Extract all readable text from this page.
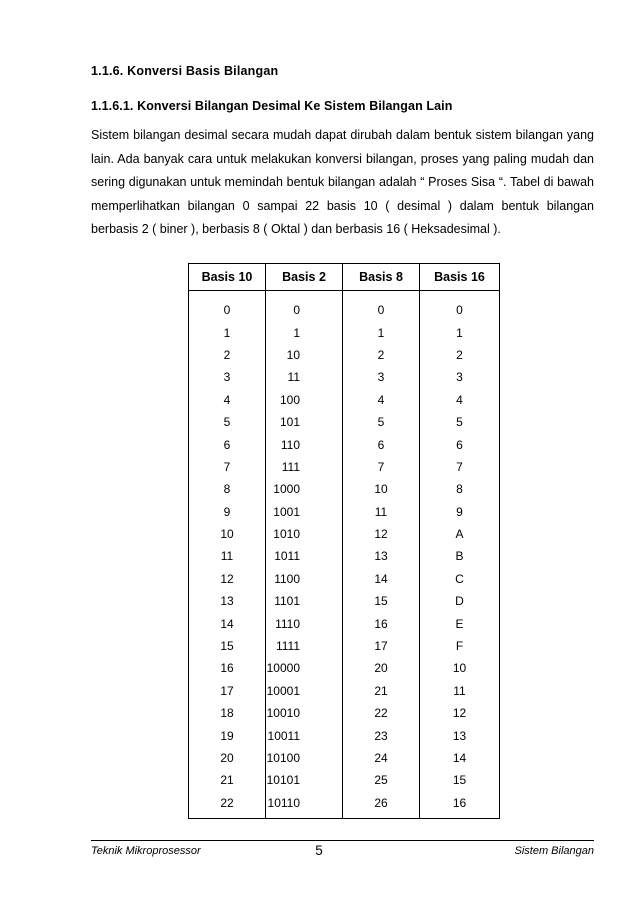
1.1.6. Konversi Basis Bilangan
1.1.6.1. Konversi Bilangan Desimal Ke Sistem Bilangan Lain
Sistem bilangan desimal secara mudah dapat dirubah dalam bentuk sistem bilangan yang lain. Ada banyak cara untuk melakukan konversi bilangan, proses yang paling mudah dan sering digunakan untuk memindah bentuk bilangan adalah “ Proses Sisa “. Tabel di bawah memperlihatkan bilangan 0 sampai 22 basis 10 ( desimal ) dalam bentuk bilangan berbasis 2 ( biner ), berbasis 8 ( Oktal ) dan berbasis 16 ( Heksadesimal ).
Basis 10	Basis 2	Basis 8	Basis 16
0	0	0	0
1	1	1	1
2	10	2	2
3	11	3	3
4	100	4	4
5	101	5	5
6	110	6	6
7	111	7	7
8	1000	10	8
9	1001	11	9
10	1010	12	A
11	1011	13	B
12	1100	14	C
13	1101	15	D
14	1110	16	E
15	1111	17	F
16	10000	20	10
17	10001	21	11
18	10010	22	12
19	10011	23	13
20	10100	24	14
21	10101	25	15
22	10110	26	16
Teknik Mikroprosessor	5	Sistem Bilangan
